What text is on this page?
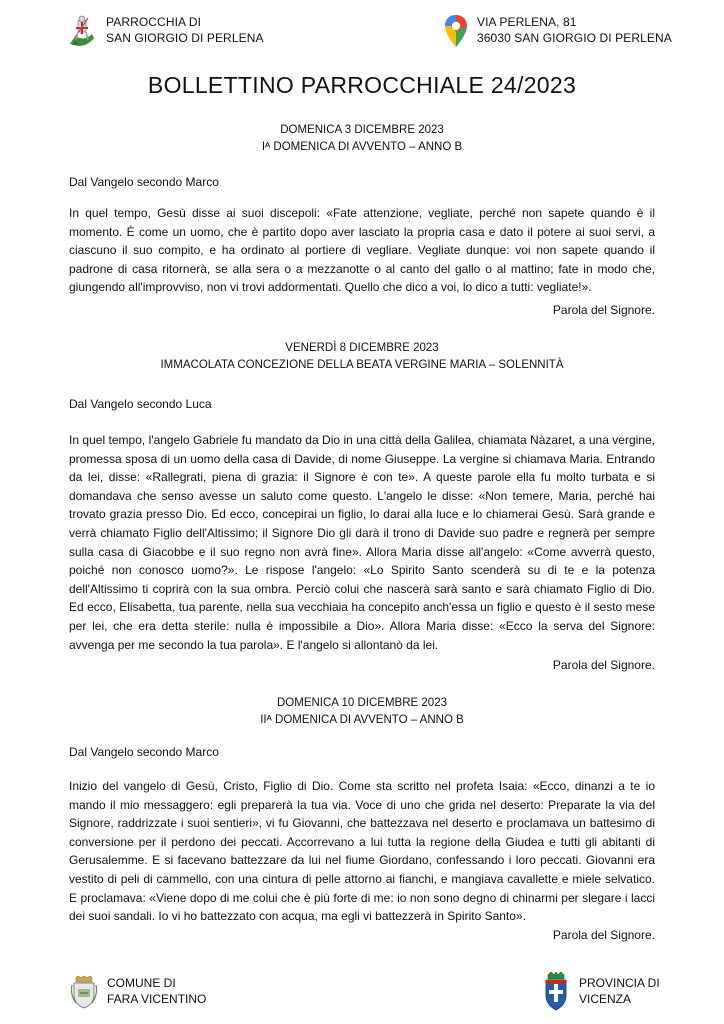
PARROCCHIA DI
SAN GIORGIO DI PERLENA
VIA PERLENA, 81
36030 SAN GIORGIO DI PERLENA
BOLLETTINO PARROCCHIALE 24/2023
DOMENICA 3 DICEMBRE 2023
Iᴬ DOMENICA DI AVVENTO – ANNO B
Dal Vangelo secondo Marco
In quel tempo, Gesù disse ai suoi discepoli: «Fate attenzione, vegliate, perché non sapete quando è il momento. È come un uomo, che è partito dopo aver lasciato la propria casa e dato il potere ai suoi servi, a ciascuno il suo compito, e ha ordinato al portiere di vegliare. Vegliate dunque: voi non sapete quando il padrone di casa ritornerà, se alla sera o a mezzanotte o al canto del gallo o al mattino; fate in modo che, giungendo all'improvviso, non vi trovi addormentati. Quello che dico a voi, lo dico a tutti: vegliate!».
Parola del Signore.
VENERDÌ 8 DICEMBRE 2023
IMMACOLATA CONCEZIONE DELLA BEATA VERGINE MARIA – SOLENNITÀ
Dal Vangelo secondo Luca
In quel tempo, l'angelo Gabriele fu mandato da Dio in una città della Galilea, chiamata Nàzaret, a una vergine, promessa sposa di un uomo della casa di Davide, di nome Giuseppe. La vergine si chiamava Maria. Entrando da lei, disse: «Rallegrati, piena di grazia: il Signore è con te». A queste parole ella fu molto turbata e si domandava che senso avesse un saluto come questo. L'angelo le disse: «Non temere, Maria, perché hai trovato grazia presso Dio. Ed ecco, concepirai un figlio, lo darai alla luce e lo chiamerai Gesù. Sarà grande e verrà chiamato Figlio dell'Altissimo; il Signore Dio gli darà il trono di Davide suo padre e regnerà per sempre sulla casa di Giacobbe e il suo regno non avrà fine». Allora Maria disse all'angelo: «Come avverrà questo, poiché non conosco uomo?». Le rispose l'angelo: «Lo Spirito Santo scenderà su di te e la potenza dell'Altissimo ti coprirà con la sua ombra. Perciò colui che nascerà sarà santo e sarà chiamato Figlio di Dio. Ed ecco, Elisabetta, tua parente, nella sua vecchiaia ha concepito anch'essa un figlio e questo è il sesto mese per lei, che era detta sterile: nulla è impossibile a Dio». Allora Maria disse: «Ecco la serva del Signore: avvenga per me secondo la tua parola». E l'angelo si allontanò da lei.
Parola del Signore.
DOMENICA 10 DICEMBRE 2023
IIᴬ DOMENICA DI AVVENTO – ANNO B
Dal Vangelo secondo Marco
Inizio del vangelo di Gesù, Cristo, Figlio di Dio. Come sta scritto nel profeta Isaia: «Ecco, dinanzi a te io mando il mio messaggero: egli preparerà la tua via. Voce di uno che grida nel deserto: Preparate la via del Signore, raddrizzate i suoi sentieri», vi fu Giovanni, che battezzava nel deserto e proclamava un battesimo di conversione per il perdono dei peccati. Accorrevano a lui tutta la regione della Giudea e tutti gli abitanti di Gerusalemme. E si facevano battezzare da lui nel fiume Giordano, confessando i loro peccati. Giovanni era vestito di peli di cammello, con una cintura di pelle attorno ai fianchi, e mangiava cavallette e miele selvatico. E proclamava: «Viene dopo di me colui che è più forte di me: io non sono degno di chinarmi per slegare i lacci dei suoi sandali. Io vi ho battezzato con acqua, ma egli vi battezzerà in Spirito Santo».
Parola del Signore.
COMUNE DI
FARA VICENTINO
PROVINCIA DI
VICENZA
